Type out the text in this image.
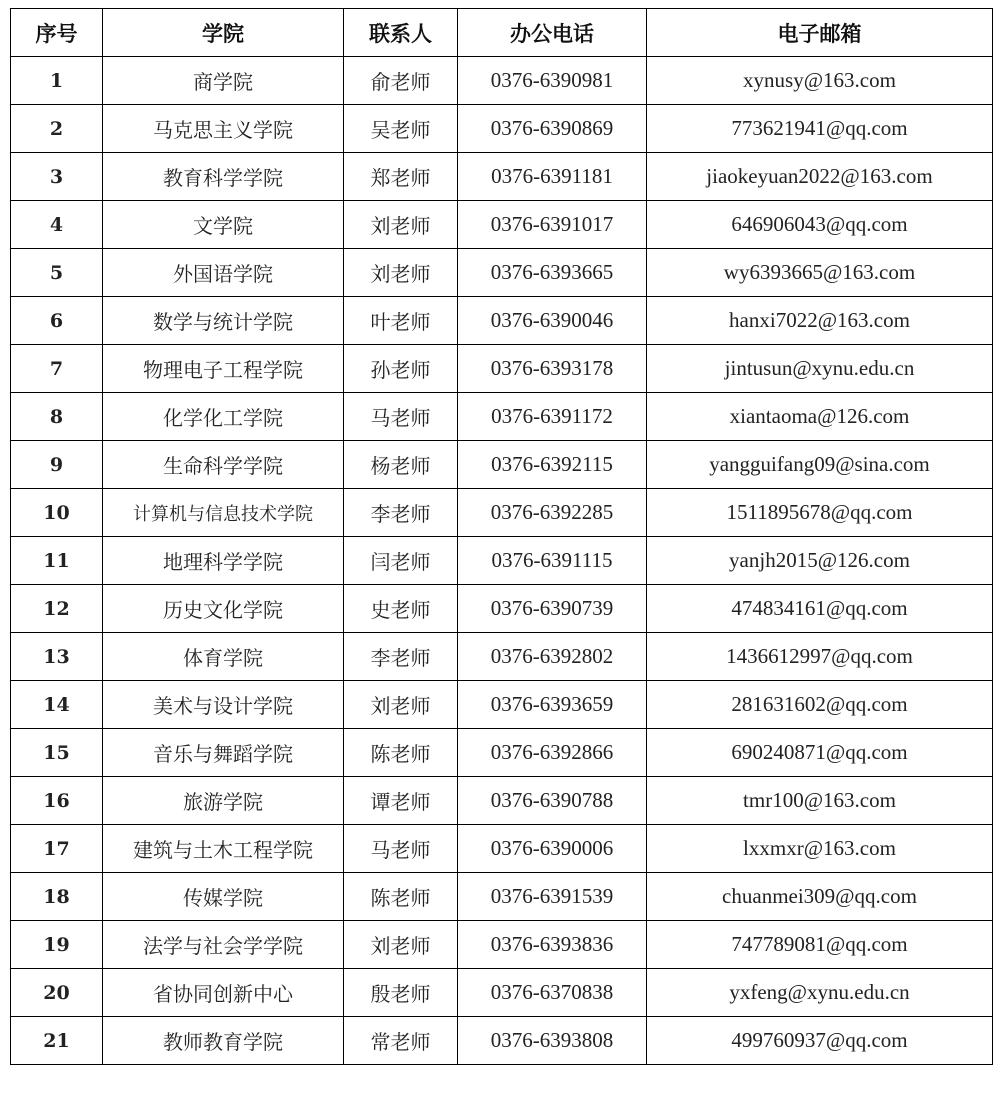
序号	学院	联系人	办公电话	电子邮箱
1	商学院	俞老师	0376-6390981	xynusy@163.com
2	马克思主义学院	吴老师	0376-6390869	773621941@qq.com
3	教育科学学院	郑老师	0376-6391181	jiaokeyuan2022@163.com
4	文学院	刘老师	0376-6391017	646906043@qq.com
5	外国语学院	刘老师	0376-6393665	wy6393665@163.com
6	数学与统计学院	叶老师	0376-6390046	hanxi7022@163.com
7	物理电子工程学院	孙老师	0376-6393178	jintusun@xynu.edu.cn
8	化学化工学院	马老师	0376-6391172	xiantaoma@126.com
9	生命科学学院	杨老师	0376-6392115	yangguifang09@sina.com
10	计算机与信息技术学院	李老师	0376-6392285	1511895678@qq.com
11	地理科学学院	闫老师	0376-6391115	yanjh2015@126.com
12	历史文化学院	史老师	0376-6390739	474834161@qq.com
13	体育学院	李老师	0376-6392802	1436612997@qq.com
14	美术与设计学院	刘老师	0376-6393659	281631602@qq.com
15	音乐与舞蹈学院	陈老师	0376-6392866	690240871@qq.com
16	旅游学院	谭老师	0376-6390788	tmr100@163.com
17	建筑与土木工程学院	马老师	0376-6390006	lxxmxr@163.com
18	传媒学院	陈老师	0376-6391539	chuanmei309@qq.com
19	法学与社会学学院	刘老师	0376-6393836	747789081@qq.com
20	省协同创新中心	殷老师	0376-6370838	yxfeng@xynu.edu.cn
21	教师教育学院	常老师	0376-6393808	499760937@qq.com
